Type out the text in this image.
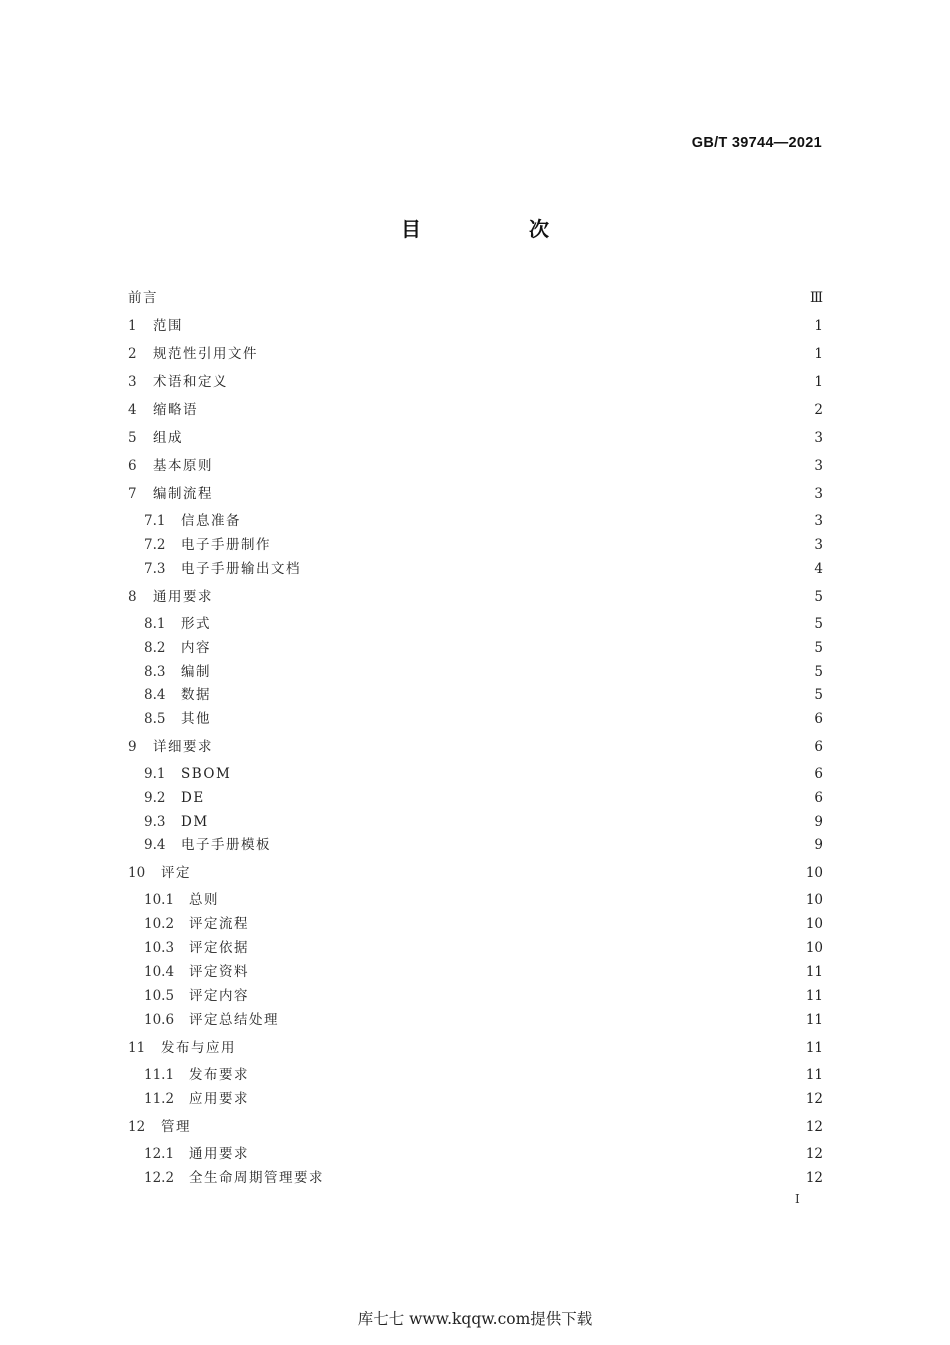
GB/T 39744—2021
目　次
前言	Ⅲ
1	范围	1
2	规范性引用文件	1
3	术语和定义	1
4	缩略语	2
5	组成	3
6	基本原则	3
7	编制流程	3
7.1	信息准备	3
7.2	电子手册制作	3
7.3	电子手册输出文档	4
8	通用要求	5
8.1	形式	5
8.2	内容	5
8.3	编制	5
8.4	数据	5
8.5	其他	6
9	详细要求	6
9.1	SBOM	6
9.2	DE	6
9.3	DM	9
9.4	电子手册模板	9
10	评定	10
10.1	总则	10
10.2	评定流程	10
10.3	评定依据	10
10.4	评定资料	11
10.5	评定内容	11
10.6	评定总结处理	11
11	发布与应用	11
11.1	发布要求	11
11.2	应用要求	12
12	管理	12
12.1	通用要求	12
12.2	全生命周期管理要求	12
I
库七七 www.kqqw.com提供下载
